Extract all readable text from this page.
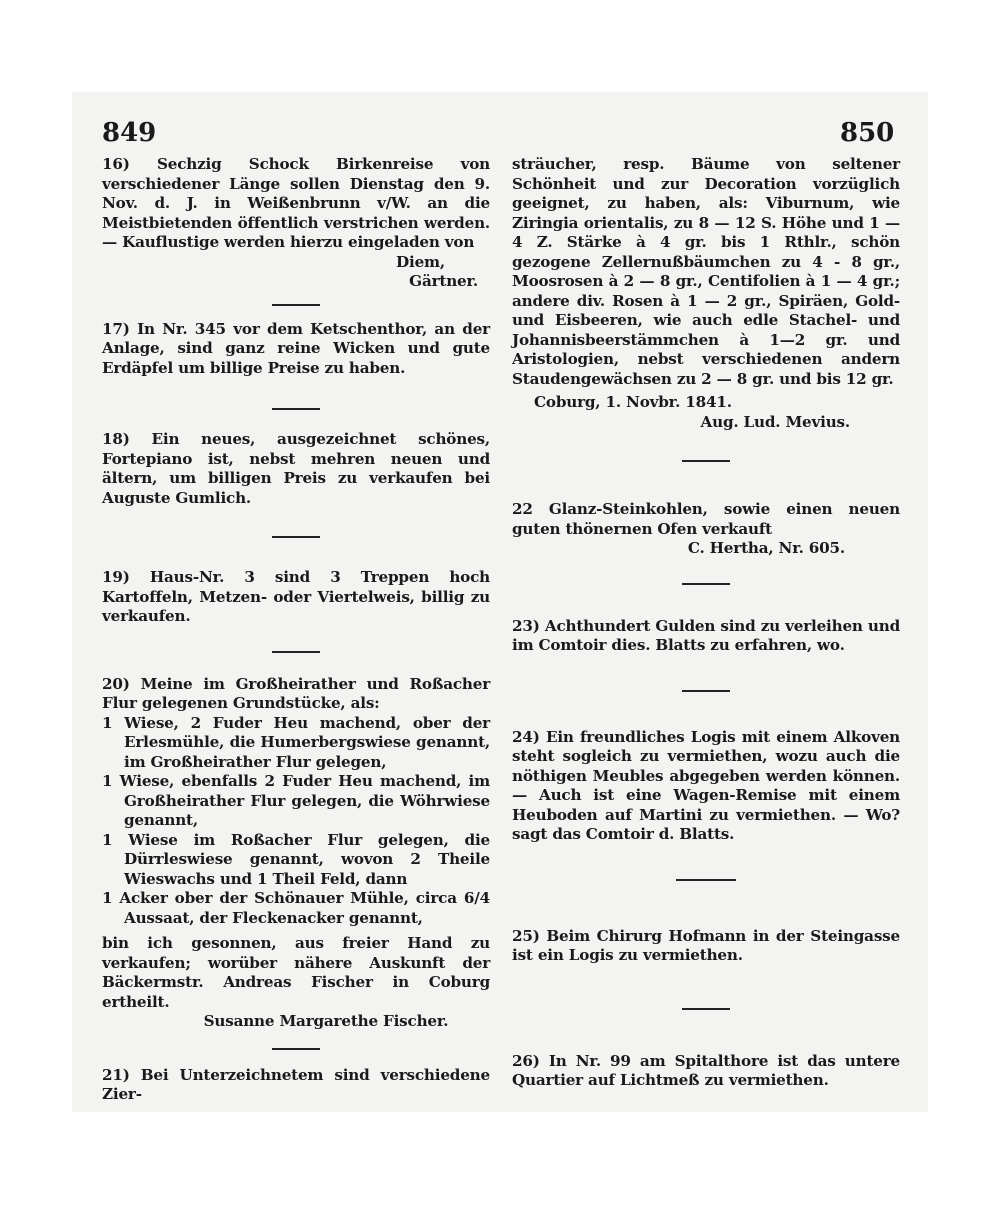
849	850

16) Sechzig Schock Birkenreise von verschiedener Länge sollen Dienstag den 9. Nov. d. J. in Weißenbrunn v/W. an die Meistbietenden öffentlich verstrichen werden. — Kauflustige werden hierzu eingeladen von

Diem,

Gärtner.

17) In Nr. 345 vor dem Ketschenthor, an der Anlage, sind ganz reine Wicken und gute Erdäpfel um billige Preise zu haben.

18) Ein neues, ausgezeichnet schönes, Fortepiano ist, nebst mehren neuen und ältern, um billigen Preis zu verkaufen bei Auguste Gumlich.

19) Haus-Nr. 3 sind 3 Treppen hoch Kartoffeln, Metzen- oder Viertelweis, billig zu verkaufen.

20) Meine im Großheirather und Roßacher Flur gelegenen Grundstücke, als:

1 Wiese, 2 Fuder Heu machend, ober der Erlesmühle, die Humerbergswiese genannt, im Großheirather Flur gelegen,

1 Wiese, ebenfalls 2 Fuder Heu machend, im Großheirather Flur gelegen, die Wöhrwiese genannt,

1 Wiese im Roßacher Flur gelegen, die Dürrleswiese genannt, wovon 2 Theile Wieswachs und 1 Theil Feld, dann

1 Acker ober der Schönauer Mühle, circa 6/4 Aussaat, der Fleckenacker genannt,

bin ich gesonnen, aus freier Hand zu verkaufen; worüber nähere Auskunft der Bäckermstr. Andreas Fischer in Coburg ertheilt.

Susanne Margarethe Fischer.

21) Bei Unterzeichnetem sind verschiedene Zier-

sträucher, resp. Bäume von seltener Schönheit und zur Decoration vorzüglich geeignet, zu haben, als: Viburnum, wie Ziringia orientalis, zu 8 — 12 S. Höhe und 1 — 4 Z. Stärke à 4 gr. bis 1 Rthlr., schön gezogene Zellernußbäumchen zu 4 - 8 gr., Moosrosen à 2 — 8 gr., Centifolien à 1 — 4 gr.; andere div. Rosen à 1 — 2 gr., Spiräen, Gold- und Eisbeeren, wie auch edle Stachel- und Johannisbeerstämmchen à 1—2 gr. und Aristologien, nebst verschiedenen andern Staudengewächsen zu 2 — 8 gr. und bis 12 gr.

Coburg, 1. Novbr. 1841.

Aug. Lud. Mevius.

22 Glanz-Steinkohlen, sowie einen neuen guten thönernen Ofen verkauft

C. Hertha, Nr. 605.

23) Achthundert Gulden sind zu verleihen und im Comtoir dies. Blatts zu erfahren, wo.

24) Ein freundliches Logis mit einem Alkoven steht sogleich zu vermiethen, wozu auch die nöthigen Meubles abgegeben werden können. — Auch ist eine Wagen-Remise mit einem Heuboden auf Martini zu vermiethen. — Wo? sagt das Comtoir d. Blatts.

25) Beim Chirurg Hofmann in der Steingasse ist ein Logis zu vermiethen.

26) In Nr. 99 am Spitalthore ist das untere Quartier auf Lichtmeß zu vermiethen.
